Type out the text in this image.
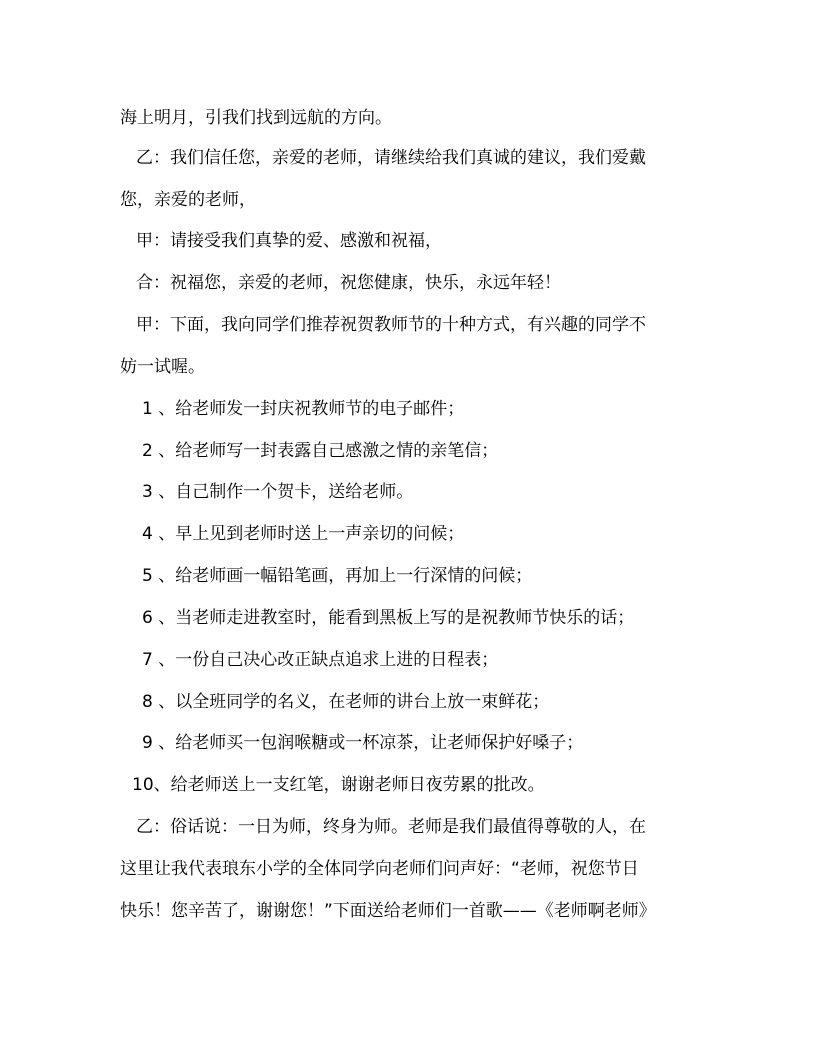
海上明月，引我们找到远航的方向。
乙：我们信任您，亲爱的老师，请继续给我们真诚的建议，我们爱戴
您，亲爱的老师，
甲：请接受我们真挚的爱、感激和祝福，
合：祝福您，亲爱的老师，祝您健康，快乐，永远年轻！
甲：下面，我向同学们推荐祝贺教师节的十种方式，有兴趣的同学不
妨一试喔。
1 、给老师发一封庆祝教师节的电子邮件；
2 、给老师写一封表露自己感激之情的亲笔信；
3 、自己制作一个贺卡，送给老师。
4 、早上见到老师时送上一声亲切的问候；
5 、给老师画一幅铅笔画，再加上一行深情的问候；
6 、当老师走进教室时，能看到黑板上写的是祝教师节快乐的话；
7 、一份自己决心改正缺点追求上进的日程表；
8 、以全班同学的名义，在老师的讲台上放一束鲜花；
9 、给老师买一包润喉糖或一杯凉茶，让老师保护好嗓子；
10、给老师送上一支红笔，谢谢老师日夜劳累的批改。
乙：俗话说：一日为师，终身为师。老师是我们最值得尊敬的人，在
这里让我代表琅东小学的全体同学向老师们问声好：“老师，祝您节日
快乐！您辛苦了，谢谢您！”下面送给老师们一首歌——《老师啊老师》
